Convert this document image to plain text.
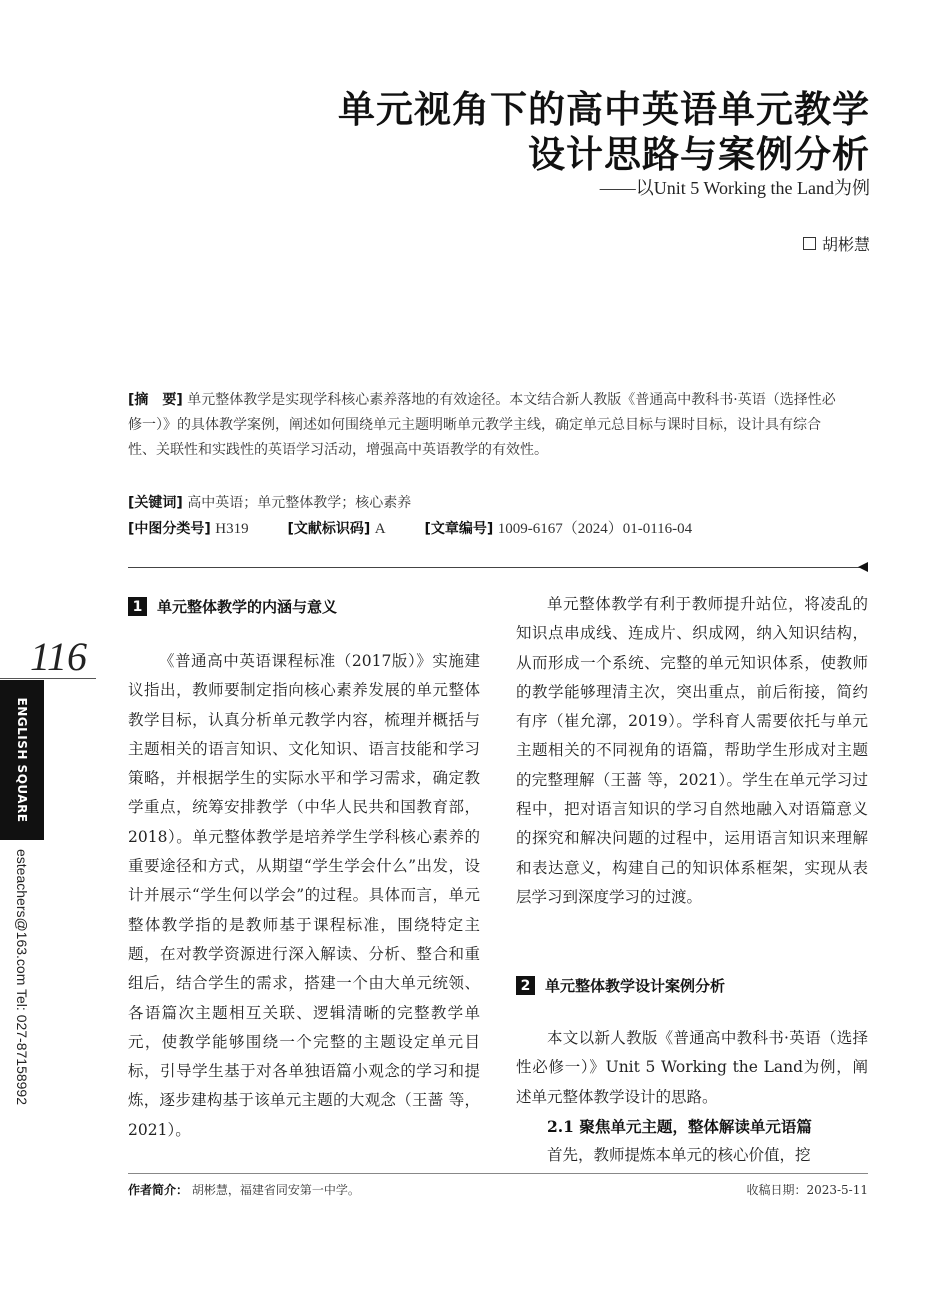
单元视角下的高中英语单元教学
设计思路与案例分析
——以Unit 5 Working the Land为例
胡彬慧
[摘　要] 单元整体教学是实现学科核心素养落地的有效途径。本文结合新人教版《普通高中教科书·英语（选择性必修一）》的具体教学案例，阐述如何围绕单元主题明晰单元教学主线，确定单元总目标与课时目标，设计具有综合性、关联性和实践性的英语学习活动，增强高中英语教学的有效性。
[关键词] 高中英语；单元整体教学；核心素养
[中图分类号] H319	[文献标识码] A	[文章编号] 1009-6167（2024）01-0116-04
116
ENGLISH SQUARE
esteachers@163.com Tel: 027-87158992
1 单元整体教学的内涵与意义

《普通高中英语课程标准（2017版）》实施建议指出，教师要制定指向核心素养发展的单元整体教学目标，认真分析单元教学内容，梳理并概括与主题相关的语言知识、文化知识、语言技能和学习策略，并根据学生的实际水平和学习需求，确定教学重点，统筹安排教学（中华人民共和国教育部，2018）。单元整体教学是培养学生学科核心素养的重要途径和方式，从期望“学生学会什么”出发，设计并展示“学生何以学会”的过程。具体而言，单元整体教学指的是教师基于课程标准，围绕特定主题，在对教学资源进行深入解读、分析、整合和重组后，结合学生的需求，搭建一个由大单元统领、各语篇次主题相互关联、逻辑清晰的完整教学单元，使教学能够围绕一个完整的主题设定单元目标，引导学生基于对各单独语篇小观念的学习和提炼，逐步建构基于该单元主题的大观念（王蔷 等，2021）。

单元整体教学有利于教师提升站位，将凌乱的知识点串成线、连成片、织成网，纳入知识结构，从而形成一个系统、完整的单元知识体系，使教师的教学能够理清主次，突出重点，前后衔接，简约有序（崔允漷，2019）。学科育人需要依托与单元主题相关的不同视角的语篇，帮助学生形成对主题的完整理解（王蔷 等，2021）。学生在单元学习过程中，把对语言知识的学习自然地融入对语篇意义的探究和解决问题的过程中，运用语言知识来理解和表达意义，构建自己的知识体系框架，实现从表层学习到深度学习的过渡。

2 单元整体教学设计案例分析

本文以新人教版《普通高中教科书·英语（选择性必修一）》Unit 5 Working the Land为例，阐述单元整体教学设计的思路。

2.1 聚焦单元主题，整体解读单元语篇

首先，教师提炼本单元的核心价值，挖

作者简介： 胡彬慧，福建省同安第一中学。	收稿日期：2023-5-11
